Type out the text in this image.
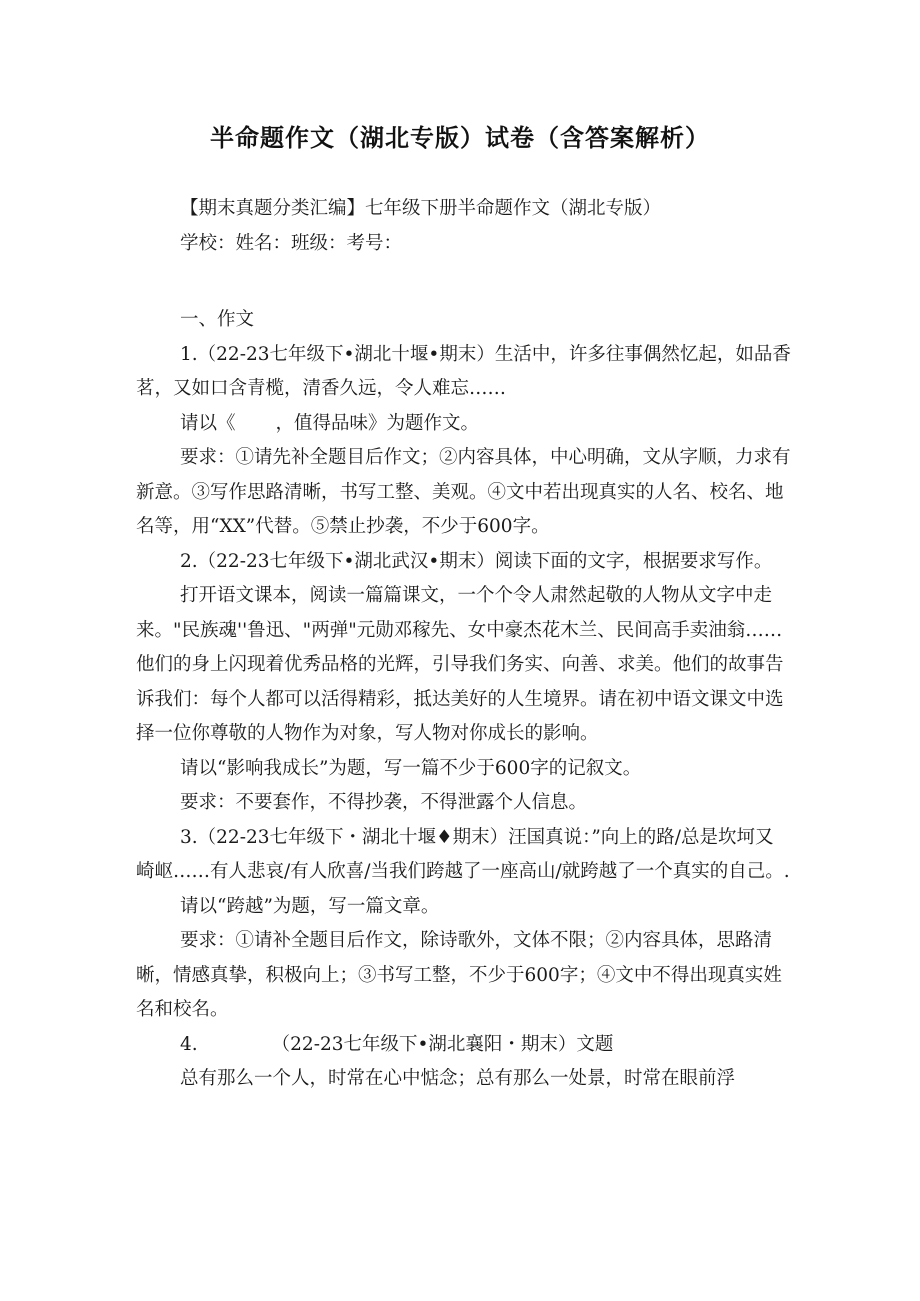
半命题作文（湖北专版）试卷（含答案解析）

【期末真题分类汇编】七年级下册半命题作文（湖北专版）

学校：姓名：班级：考号：

一、作文

1.（22-23七年级下•湖北十堰•期末）生活中，许多往事偶然忆起，如品香茗，又如口含青榄，清香久远，令人难忘……

请以《 ，值得品味》为题作文。

要求：①请先补全题目后作文；②内容具体，中心明确，文从字顺，力求有新意。③写作思路清晰，书写工整、美观。④文中若出现真实的人名、校名、地名等，用“XX”代替。⑤禁止抄袭，不少于600字。

2.（22-23七年级下•湖北武汉•期末）阅读下面的文字，根据要求写作。

打开语文课本，阅读一篇篇课文，一个个令人肃然起敬的人物从文字中走来。"民族魂''鲁迅、"两弹"元勋邓稼先、女中豪杰花木兰、民间高手卖油翁……他们的身上闪现着优秀品格的光辉，引导我们务实、向善、求美。他们的故事告诉我们：每个人都可以活得精彩，抵达美好的人生境界。请在初中语文课文中选择一位你尊敬的人物作为对象，写人物对你成长的影响。

请以“影响我成长”为题，写一篇不少于600字的记叙文。

要求：不要套作，不得抄袭，不得泄露个人信息。

3.（22-23七年级下・湖北十堰♦期末）汪国真说：”向上的路/总是坎坷又崎岖……有人悲哀/有人欣喜/当我们跨越了一座高山/就跨越了一个真实的自己。.

请以“跨越”为题，写一篇文章。

要求：①请补全题目后作文，除诗歌外，文体不限；②内容具体，思路清晰，情感真挚，积极向上；③书写工整，不少于600字；④文中不得出现真实姓名和校名。

4.	（22-23七年级下•湖北襄阳・期末）文题

总有那么一个人，时常在心中惦念；总有那么一处景，时常在眼前浮
